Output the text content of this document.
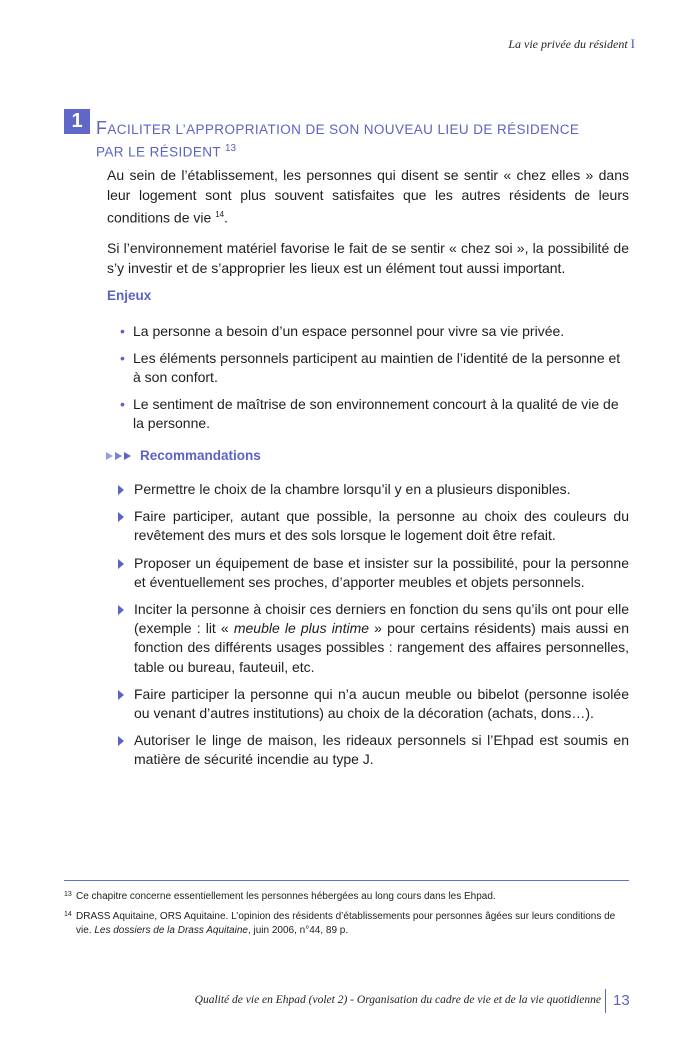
La vie privée du résident I
1 FACILITER L’APPROPRIATION DE SON NOUVEAU LIEU DE RÉSIDENCE
PAR LE RÉSIDENT $^{13}$

Au sein de l’établissement, les personnes qui disent se sentir « chez elles » dans leur logement sont plus souvent satisfaites que les autres résidents de leurs conditions de vie $^{14}$.

Si l’environnement matériel favorise le fait de se sentir « chez soi », la possibilité de s’y investir et de s’approprier les lieux est un élément tout aussi important.

Enjeux
• La personne a besoin d’un espace personnel pour vivre sa vie privée.
• Les éléments personnels participent au maintien de l’identité de la personne et à son confort.
• Le sentiment de maîtrise de son environnement concourt à la qualité de vie de la personne.
Recommandations
Permettre le choix de la chambre lorsqu’il y en a plusieurs disponibles.
Faire participer, autant que possible, la personne au choix des couleurs du revêtement des murs et des sols lorsque le logement doit être refait.
Proposer un équipement de base et insister sur la possibilité, pour la personne et éventuellement ses proches, d’apporter meubles et objets personnels.
Inciter la personne à choisir ces derniers en fonction du sens qu’ils ont pour elle (exemple : lit « meuble le plus intime » pour certains résidents) mais aussi en fonction des différents usages possibles : rangement des affaires personnelles, table ou bureau, fauteuil, etc.
Faire participer la personne qui n’a aucun meuble ou bibelot (personne isolée ou venant d’autres institutions) au choix de la décoration (achats, dons…).
Autoriser le linge de maison, les rideaux personnels si l’Ehpad est soumis en matière de sécurité incendie au type J.
13 Ce chapitre concerne essentiellement les personnes hébergées au long cours dans les Ehpad.
14 DRASS Aquitaine, ORS Aquitaine. L’opinion des résidents d’établissements pour personnes âgées sur leurs conditions de vie. Les dossiers de la Drass Aquitaine, juin 2006, n°44, 89 p.
Qualité de vie en Ehpad (volet 2) - Organisation du cadre de vie et de la vie quotidienne 13
